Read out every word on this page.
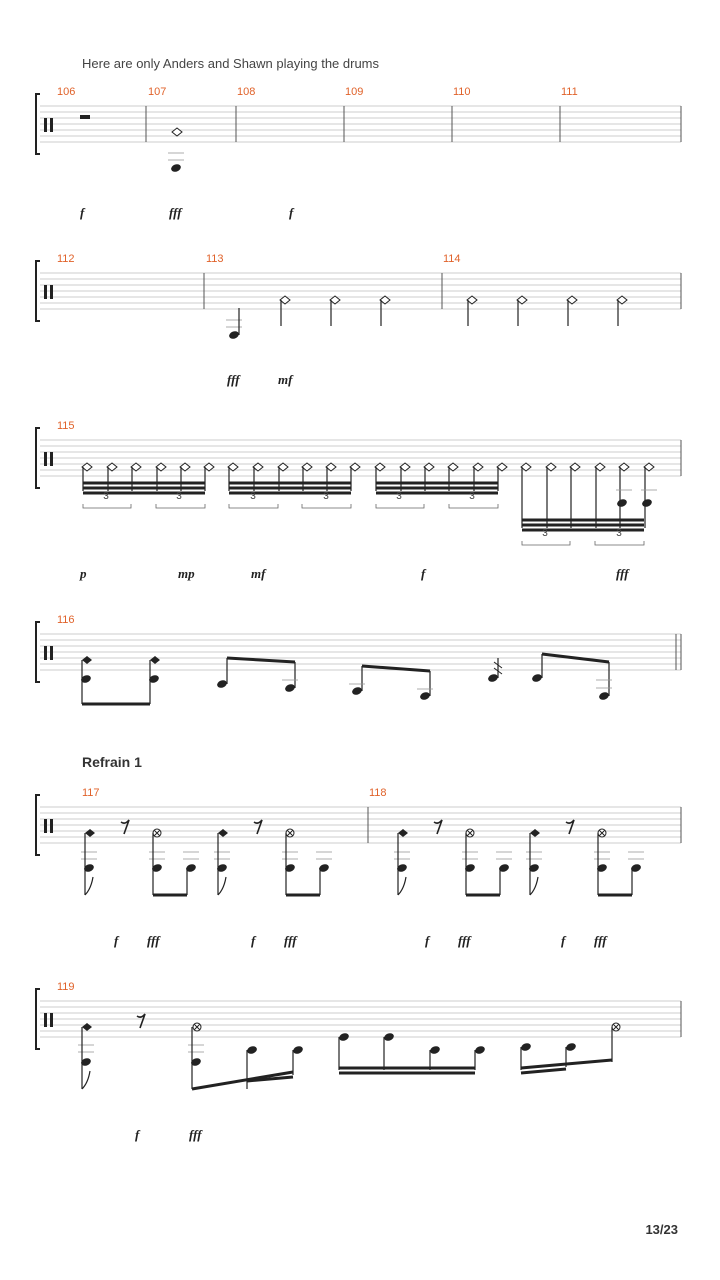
Here are only Anders and Shawn playing the drums
Refrain 1
13/23
106	107	108	109	110	111
112	113	114
115
116
117	118
119
f	fff	f
fff	mf
p	mp	mf	f	fff
f fff	f fff	f fff	f fff
f	fff
3	3	3	3	3	3
3	3
